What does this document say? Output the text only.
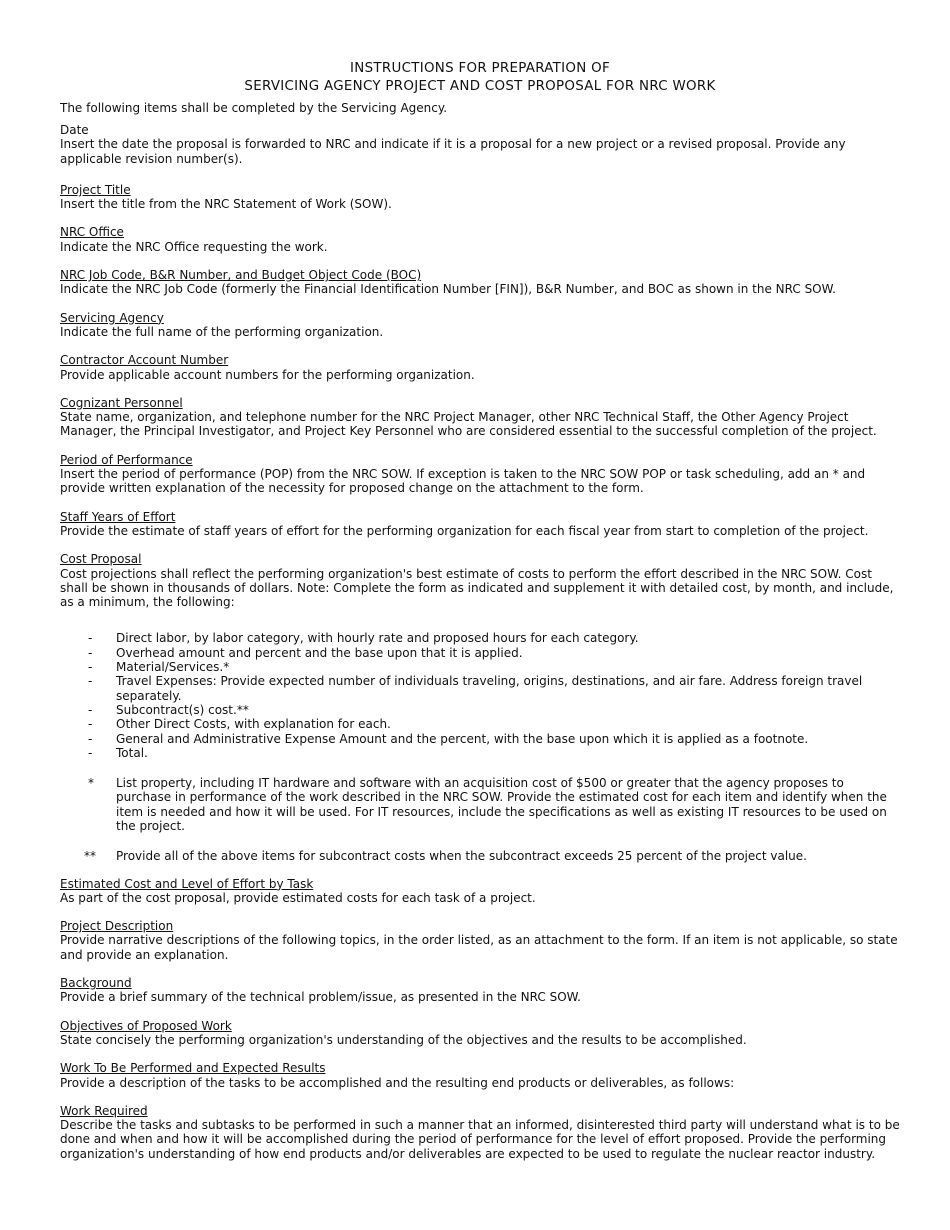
INSTRUCTIONS FOR PREPARATION OF
SERVICING AGENCY PROJECT AND COST PROPOSAL FOR NRC WORK
The following items shall be completed by the Servicing Agency.
Date
Insert the date the proposal is forwarded to NRC and indicate if it is a proposal for a new project or a revised proposal. Provide any applicable revision number(s).
Project Title
Insert the title from the NRC Statement of Work (SOW).
NRC Office
Indicate the NRC Office requesting the work.
NRC Job Code, B&R Number, and Budget Object Code (BOC)
Indicate the NRC Job Code (formerly the Financial Identification Number [FIN]), B&R Number, and BOC as shown in the NRC SOW.
Servicing Agency
Indicate the full name of the performing organization.
Contractor Account Number
Provide applicable account numbers for the performing organization.
Cognizant Personnel
State name, organization, and telephone number for the NRC Project Manager, other NRC Technical Staff, the Other Agency Project Manager, the Principal Investigator, and Project Key Personnel who are considered essential to the successful completion of the project.
Period of Performance
Insert the period of performance (POP) from the NRC SOW. If exception is taken to the NRC SOW POP or task scheduling, add an * and provide written explanation of the necessity for proposed change on the attachment to the form.
Staff Years of Effort
Provide the estimate of staff years of effort for the performing organization for each fiscal year from start to completion of the project.
Cost Proposal
Cost projections shall reflect the performing organization's best estimate of costs to perform the effort described in the NRC SOW. Cost shall be shown in thousands of dollars. Note: Complete the form as indicated and supplement it with detailed cost, by month, and include, as a minimum, the following:
-	Direct labor, by labor category, with hourly rate and proposed hours for each category.
-	Overhead amount and percent and the base upon that it is applied.
-	Material/Services.*
-	Travel Expenses: Provide expected number of individuals traveling, origins, destinations, and air fare. Address foreign travel separately.
-	Subcontract(s) cost.**
-	Other Direct Costs, with explanation for each.
-	General and Administrative Expense Amount and the percent, with the base upon which it is applied as a footnote.
-	Total.
*	List property, including IT hardware and software with an acquisition cost of $500 or greater that the agency proposes to purchase in performance of the work described in the NRC SOW. Provide the estimated cost for each item and identify when the item is needed and how it will be used. For IT resources, include the specifications as well as existing IT resources to be used on the project.
**	Provide all of the above items for subcontract costs when the subcontract exceeds 25 percent of the project value.
Estimated Cost and Level of Effort by Task
As part of the cost proposal, provide estimated costs for each task of a project.
Project Description
Provide narrative descriptions of the following topics, in the order listed, as an attachment to the form. If an item is not applicable, so state and provide an explanation.
Background
Provide a brief summary of the technical problem/issue, as presented in the NRC SOW.
Objectives of Proposed Work
State concisely the performing organization's understanding of the objectives and the results to be accomplished.
Work To Be Performed and Expected Results
Provide a description of the tasks to be accomplished and the resulting end products or deliverables, as follows:
Work Required
Describe the tasks and subtasks to be performed in such a manner that an informed, disinterested third party will understand what is to be done and when and how it will be accomplished during the period of performance for the level of effort proposed. Provide the performing organization's understanding of how end products and/or deliverables are expected to be used to regulate the nuclear reactor industry.
